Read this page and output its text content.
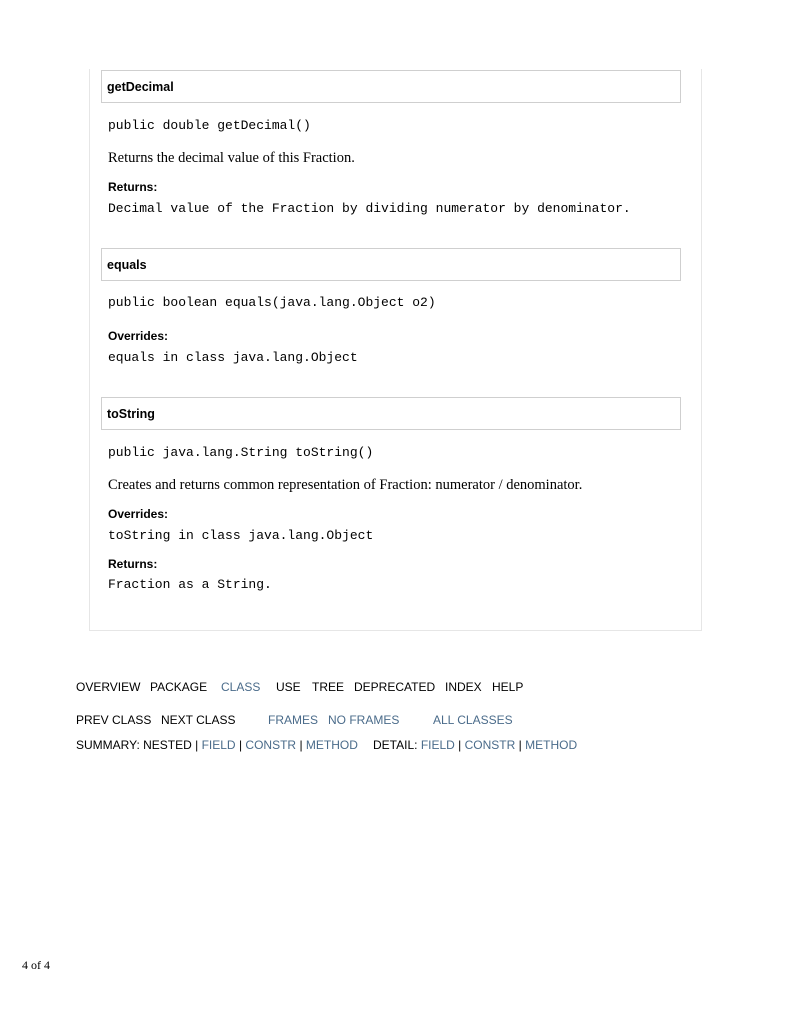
getDecimal
public double getDecimal()
Returns the decimal value of this Fraction.
Returns:
Decimal value of the Fraction by dividing numerator by denominator.
equals
public boolean equals(java.lang.Object o2)
Overrides:
equals in class java.lang.Object
toString
public java.lang.String toString()
Creates and returns common representation of Fraction: numerator / denominator.
Overrides:
toString in class java.lang.Object
Returns:
Fraction as a String.
OVERVIEW PACKAGE CLASS USE TREE DEPRECATED INDEX HELP
PREV CLASS NEXT CLASS	FRAMES NO FRAMES	ALL CLASSES
SUMMARY: NESTED | FIELD | CONSTR | METHOD DETAIL: FIELD | CONSTR | METHOD
4 of 4
